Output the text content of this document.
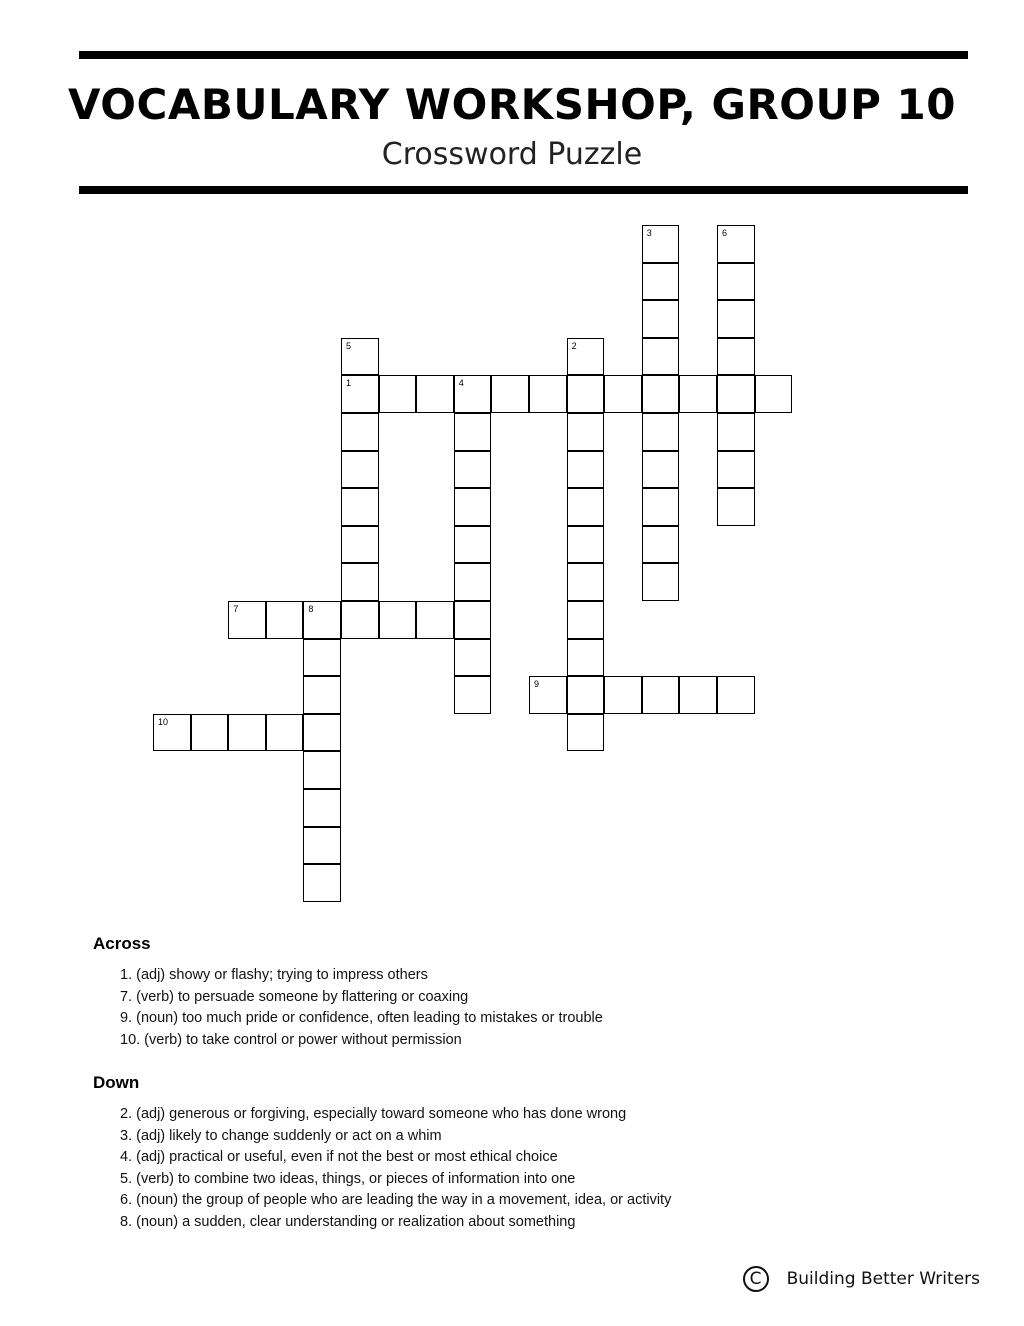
VOCABULARY WORKSHOP, GROUP 10
Crossword Puzzle
1	4
7	8
9
10
2
3
5
6
Across
1. (adj) showy or flashy; trying to impress others
7. (verb) to persuade someone by flattering or coaxing
9. (noun) too much pride or confidence, often leading to mistakes or trouble
10. (verb) to take control or power without permission
Down
2. (adj) generous or forgiving, especially toward someone who has done wrong
3. (adj) likely to change suddenly or act on a whim
4. (adj) practical or useful, even if not the best or most ethical choice
5. (verb) to combine two ideas, things, or pieces of information into one
6. (noun) the group of people who are leading the way in a movement, idea, or activity
8. (noun) a sudden, clear understanding or realization about something
C	Building Better Writers
